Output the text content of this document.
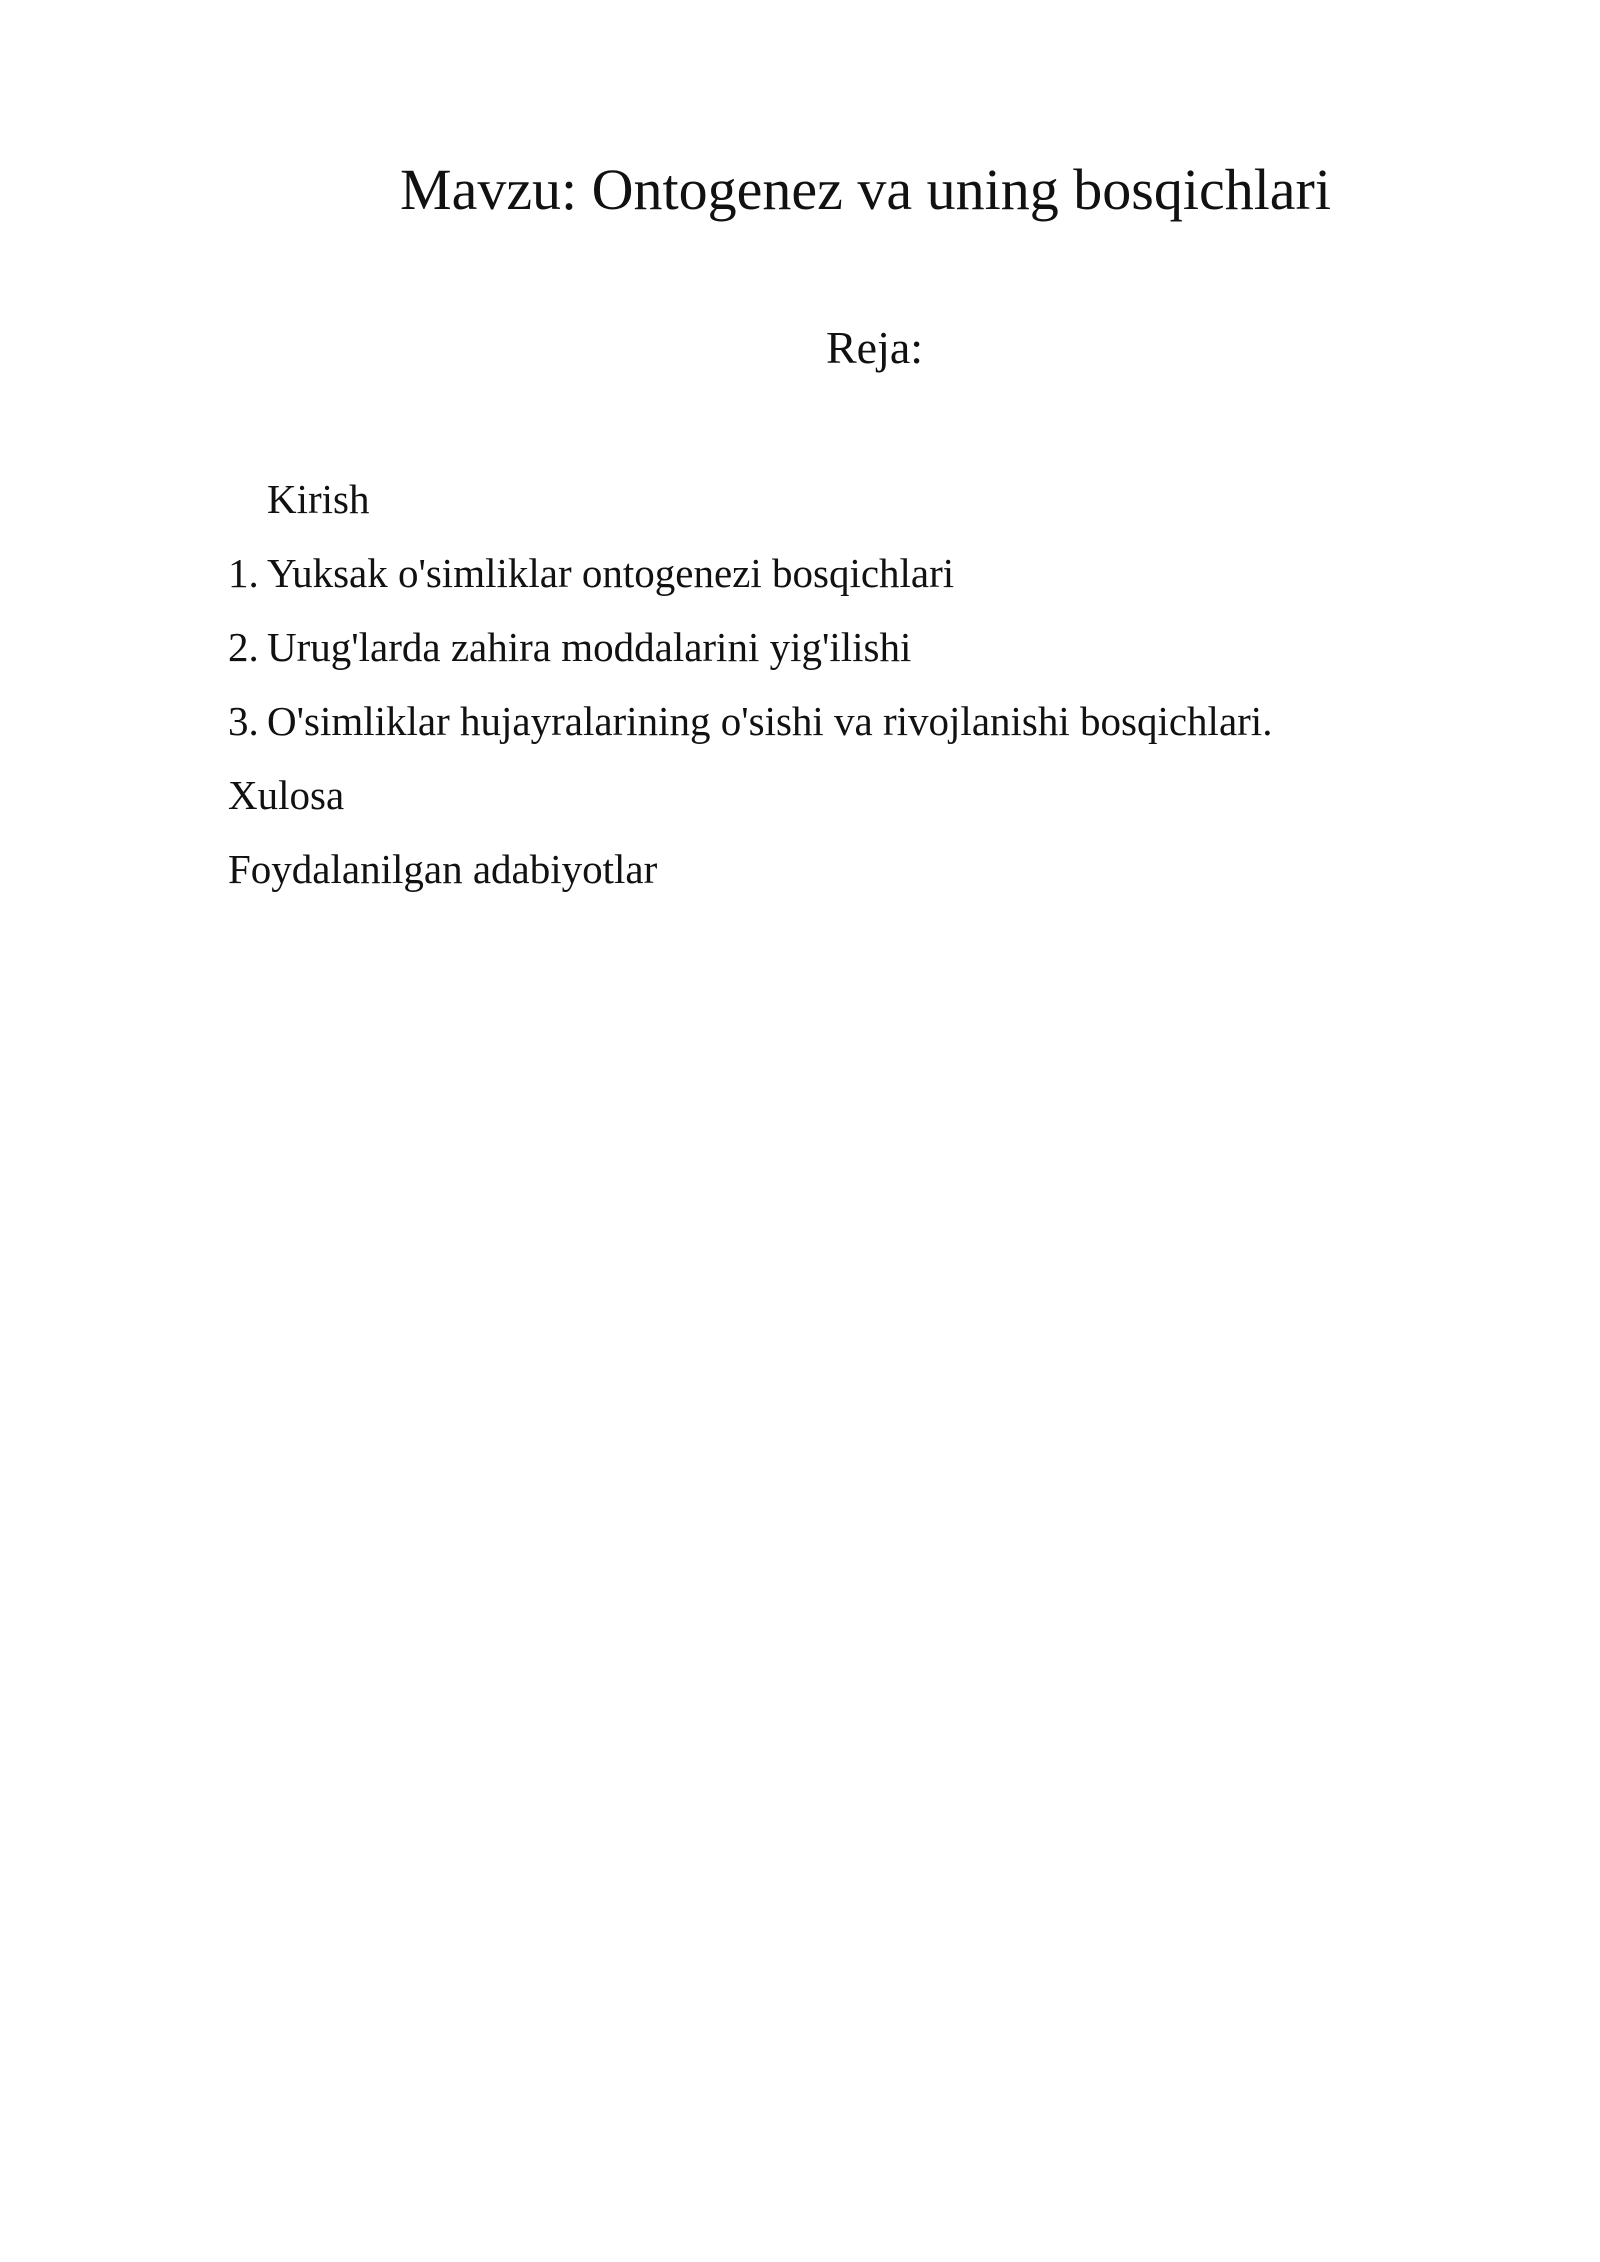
Mavzu: Ontogenez va uning bosqichlari
Reja:
Kirish
1. Yuksak o'simliklar ontogenezi bosqichlari
2. Urug'larda zahira moddalarini yig'ilishi
3. O'simliklar hujayralarining o'sishi va rivojlanishi bosqichlari.
Xulosa
Foydalanilgan adabiyotlar
